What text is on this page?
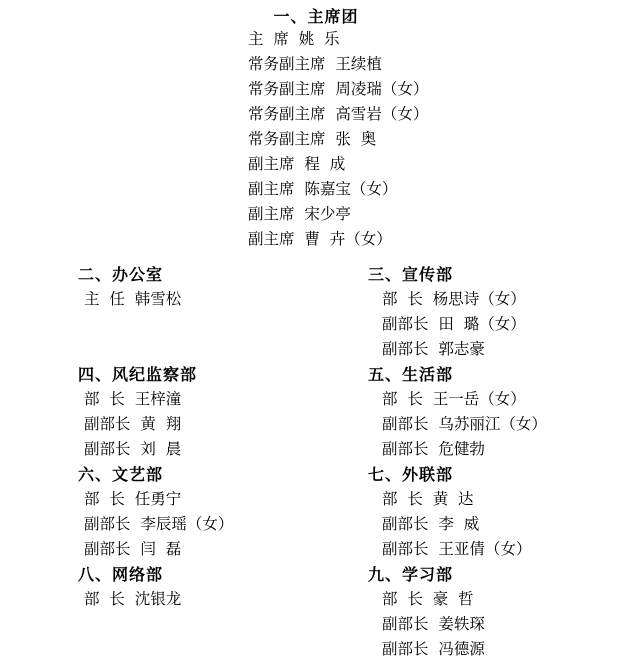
一、主席团
主  席  姚  乐
常务副主席  王续植
常务副主席  周凌瑞（女）
常务副主席  高雪岩（女）
常务副主席  张  奥
副主席  程  成
副主席  陈嘉宝（女）
副主席  宋少亭
副主席  曹  卉（女）
二、办公室
主  任  韩雪松
四、风纪监察部
部  长  王梓潼
副部长  黄  翔
副部长  刘  晨
六、文艺部
部  长  任勇宁
副部长  李辰瑶（女）
副部长  闫  磊
八、网络部
部  长  沈银龙
三、宣传部
部  长  杨思诗（女）
副部长  田  璐（女）
副部长  郭志豪
五、生活部
部  长  王一岳（女）
副部长  乌苏丽江（女）
副部长  危健勃
七、外联部
部  长  黄  达
副部长  李  威
副部长  王亚倩（女）
九、学习部
部  长  豪  哲
副部长  姜轶琛
副部长  冯德源
